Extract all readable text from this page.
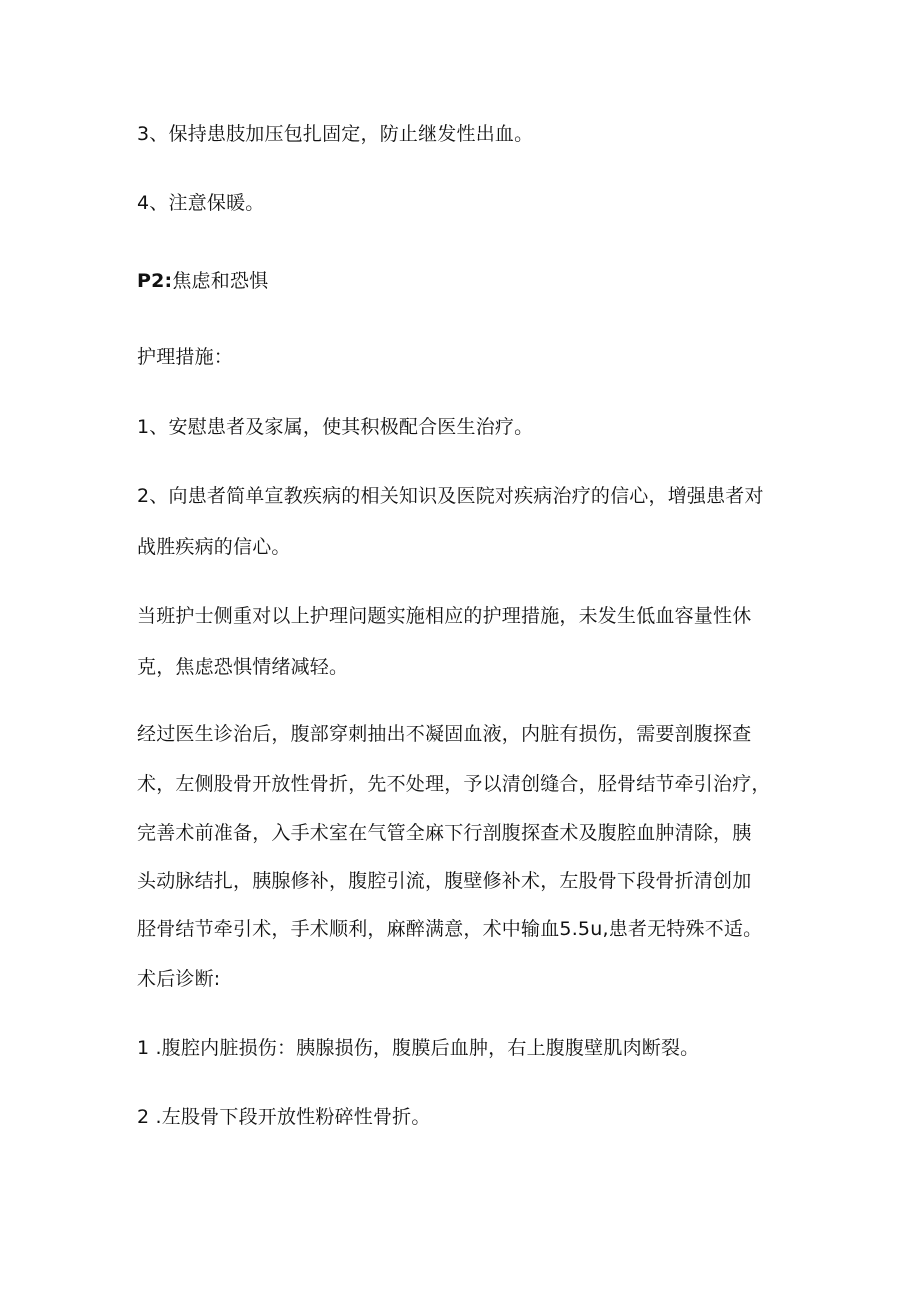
3、保持患肢加压包扎固定，防止继发性出血。
4、注意保暖。
P2:焦虑和恐惧
护理措施：
1、安慰患者及家属，使其积极配合医生治疗。
2、向患者简单宣教疾病的相关知识及医院对疾病治疗的信心，增强患者对
战胜疾病的信心。
当班护士侧重对以上护理问题实施相应的护理措施，未发生低血容量性休
克，焦虑恐惧情绪减轻。
经过医生诊治后，腹部穿刺抽出不凝固血液，内脏有损伤，需要剖腹探查
术，左侧股骨开放性骨折，先不处理，予以清创缝合，胫骨结节牵引治疗，
完善术前准备，入手术室在气管全麻下行剖腹探查术及腹腔血肿清除，胰
头动脉结扎，胰腺修补，腹腔引流，腹壁修补术，左股骨下段骨折清创加
胫骨结节牵引术，手术顺利，麻醉满意，术中输血5.5u,患者无特殊不适。
术后诊断:
1 .腹腔内脏损伤：胰腺损伤，腹膜后血肿，右上腹腹壁肌肉断裂。
2 .左股骨下段开放性粉碎性骨折。
